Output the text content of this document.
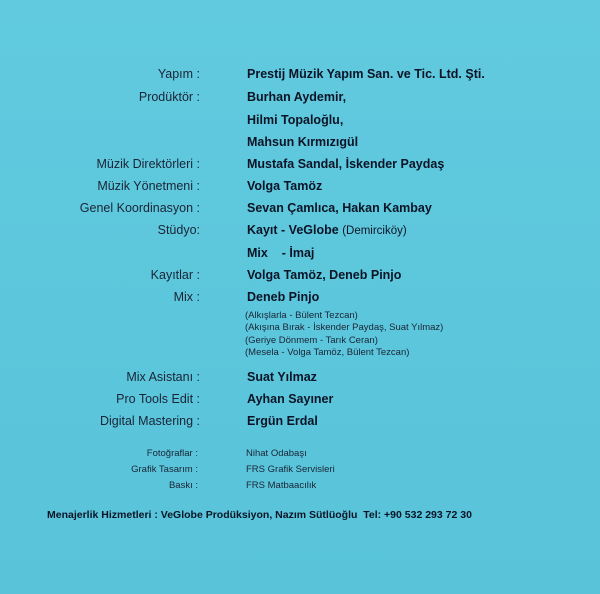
Yapım :	Prestij Müzik Yapım San. ve Tic. Ltd. Şti.
Prodüktör :	Burhan Aydemir,
Hilmi Topaloğlu,
Mahsun Kırmızıgül
Müzik Direktörleri :	Mustafa Sandal, İskender Paydaş
Müzik Yönetmeni :	Volga Tamöz
Genel Koordinasyon :	Sevan Çamlıca, Hakan Kambay
Stüdyo:	Kayıt - VeGlobe (Demirciköy)
Mix    - İmaj
Kayıtlar :	Volga Tamöz, Deneb Pinjo
Mix :	Deneb Pinjo
(Alkışlarla - Bülent Tezcan)
(Akışına Bırak - İskender Paydaş, Suat Yılmaz)
(Geriye Dönmem - Tarık Ceran)
(Mesela - Volga Tamöz, Bülent Tezcan)
Mix Asistanı :	Suat Yılmaz
Pro Tools Edit :	Ayhan Sayıner
Digital Mastering :	Ergün Erdal
Fotoğraflar :	Nihat Odabaşı
Grafik Tasarım :	FRS Grafik Servisleri
Baskı :	FRS Matbaacılık
Menajerlik Hizmetleri : VeGlobe Prodüksiyon, Nazım Sütlüoğlu  Tel: +90 532 293 72 30
